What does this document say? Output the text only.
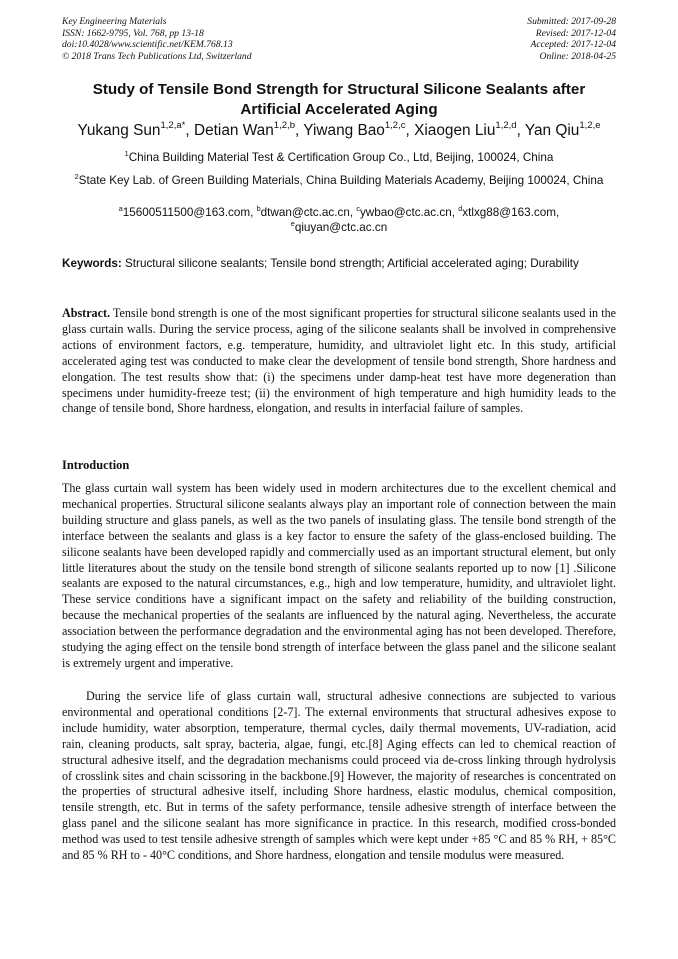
Key Engineering Materials
ISSN: 1662-9795, Vol. 768, pp 13-18
doi:10.4028/www.scientific.net/KEM.768.13
© 2018 Trans Tech Publications Ltd, Switzerland
Submitted: 2017-09-28
Revised: 2017-12-04
Accepted: 2017-12-04
Online: 2018-04-25
Study of Tensile Bond Strength for Structural Silicone Sealants after Artificial Accelerated Aging
Yukang Sun$^{1,2,a*}$, Detian Wan$^{1,2,b}$, Yiwang Bao$^{1,2,c}$, Xiaogen Liu$^{1,2,d}$, Yan Qiu$^{1,2,e}$
$^1$China Building Material Test & Certification Group Co., Ltd, Beijing, 100024, China
$^2$State Key Lab. of Green Building Materials, China Building Materials Academy, Beijing 100024, China
$^a$15600511500@163.com, $^b$dtwan@ctc.ac.cn, $^c$ywbao@ctc.ac.cn, $^d$xtlxg88@163.com,
$^e$qiuyan@ctc.ac.cn
Keywords: Structural silicone sealants; Tensile bond strength; Artificial accelerated aging; Durability

Abstract. Tensile bond strength is one of the most significant properties for structural silicone sealants used in the glass curtain walls. During the service process, aging of the silicone sealants shall be involved in comprehensive actions of environment factors, e.g. temperature, humidity, and ultraviolet light etc. In this study, artificial accelerated aging test was conducted to make clear the development of tensile bond strength, Shore hardness and elongation. The test results show that: (i) the specimens under damp-heat test have more degeneration than specimens under humidity-freeze test; (ii) the environment of high temperature and high humidity leads to the change of tensile bond, Shore hardness, elongation, and results in interfacial failure of samples.

Introduction

The glass curtain wall system has been widely used in modern architectures due to the excellent chemical and mechanical properties. Structural silicone sealants always play an important role of connection between the main building structure and glass panels, as well as the two panels of insulating glass. The tensile bond strength of the interface between the sealants and glass is a key factor to ensure the safety of the glass-enclosed building. The silicone sealants have been developed rapidly and commercially used as an important structural element, but only little literatures about the study on the tensile bond strength of silicone sealants reported up to now [1] .Silicone sealants are exposed to the natural circumstances, e.g., high and low temperature, humidity, and ultraviolet light. These service conditions have a significant impact on the safety and reliability of the building construction, because the mechanical properties of the sealants are influenced by the natural aging. Nevertheless, the accurate association between the performance degradation and the environmental aging has not been developed. Therefore, studying the aging effect on the tensile bond strength of interface between the glass panel and the silicone sealant is extremely urgent and imperative.

During the service life of glass curtain wall, structural adhesive connections are subjected to various environmental and operational conditions [2-7]. The external environments that structural adhesives expose to include humidity, water absorption, temperature, thermal cycles, daily thermal movements, UV-radiation, acid rain, cleaning products, salt spray, bacteria, algae, fungi, etc.[8] Aging effects can led to chemical reaction of structural adhesive itself, and the degradation mechanisms could proceed via de-cross linking through hydrolysis of crosslink sites and chain scissoring in the backbone.[9] However, the majority of researches is concentrated on the properties of structural adhesive itself, including Shore hardness, elastic modulus, chemical composition, tensile strength, etc. But in terms of the safety performance, tensile adhesive strength of interface between the glass panel and the silicone sealant has more significance in practice. In this research, modified cross-bonded method was used to test tensile adhesive strength of samples which were kept under +85 °C and 85 % RH, + 85°C and 85 % RH to - 40°C conditions, and Shore hardness, elongation and tensile modulus were measured.
